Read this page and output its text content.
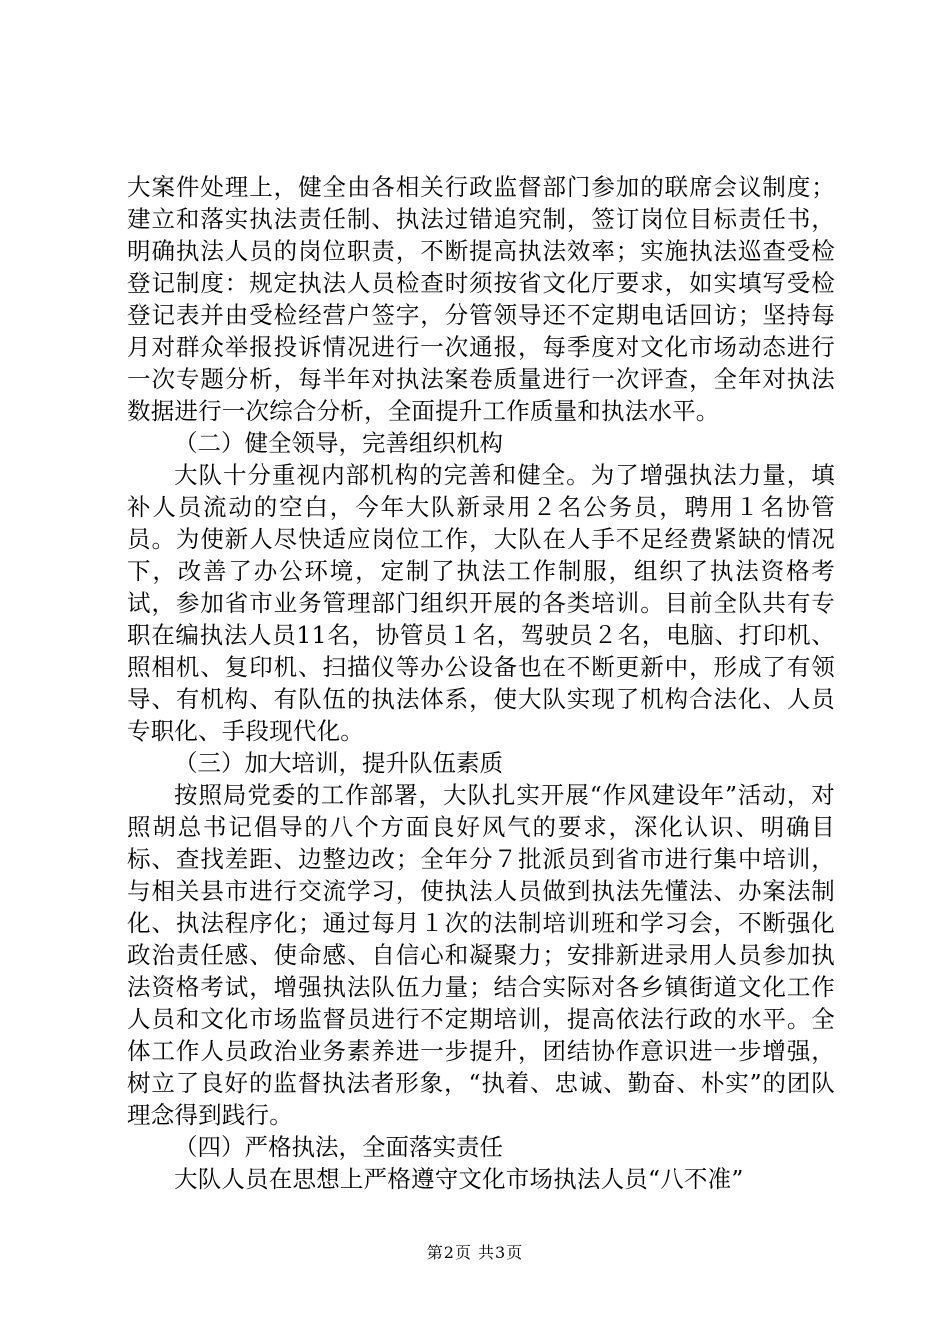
大案件处理上，健全由各相关行政监督部门参加的联席会议制度；建立和落实执法责任制、执法过错追究制，签订岗位目标责任书，明确执法人员的岗位职责，不断提高执法效率；实施执法巡查受检登记制度：规定执法人员检查时须按省文化厅要求，如实填写受检登记表并由受检经营户签字，分管领导还不定期电话回访；坚持每月对群众举报投诉情况进行一次通报，每季度对文化市场动态进行一次专题分析，每半年对执法案卷质量进行一次评查，全年对执法数据进行一次综合分析，全面提升工作质量和执法水平。

（二）健全领导，完善组织机构

大队十分重视内部机构的完善和健全。为了增强执法力量，填补人员流动的空白，今年大队新录用２名公务员，聘用１名协管员。为使新人尽快适应岗位工作，大队在人手不足经费紧缺的情况下，改善了办公环境，定制了执法工作制服，组织了执法资格考试，参加省市业务管理部门组织开展的各类培训。目前全队共有专职在编执法人员11名，协管员１名，驾驶员２名，电脑、打印机、照相机、复印机、扫描仪等办公设备也在不断更新中，形成了有领导、有机构、有队伍的执法体系，使大队实现了机构合法化、人员专职化、手段现代化。

（三）加大培训，提升队伍素质

按照局党委的工作部署，大队扎实开展“作风建设年”活动，对照胡总书记倡导的八个方面良好风气的要求，深化认识、明确目标、查找差距、边整边改；全年分７批派员到省市进行集中培训，与相关县市进行交流学习，使执法人员做到执法先懂法、办案法制化、执法程序化；通过每月１次的法制培训班和学习会，不断强化政治责任感、使命感、自信心和凝聚力；安排新进录用人员参加执法资格考试，增强执法队伍力量；结合实际对各乡镇街道文化工作人员和文化市场监督员进行不定期培训，提高依法行政的水平。全体工作人员政治业务素养进一步提升，团结协作意识进一步增强，树立了良好的监督执法者形象，“执着、忠诚、勤奋、朴实”的团队理念得到践行。

（四）严格执法，全面落实责任

大队人员在思想上严格遵守文化市场执法人员“八不准”

第2页 共3页
